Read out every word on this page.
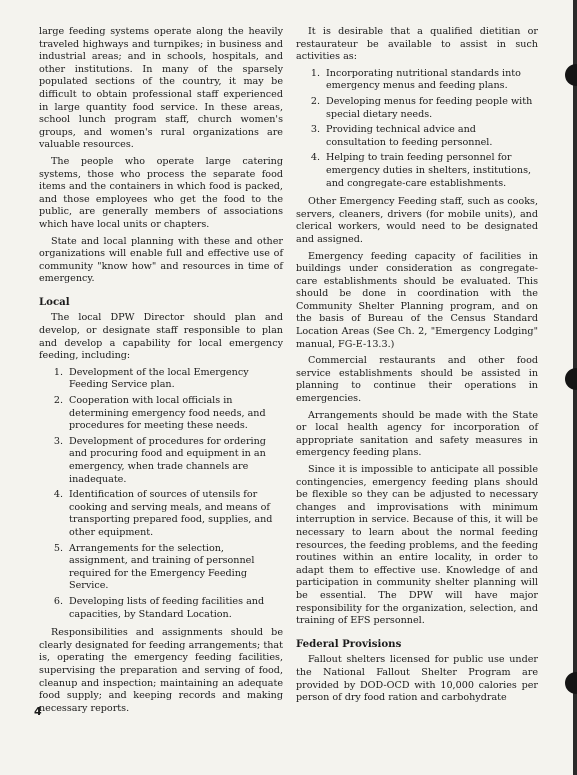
large feeding systems operate along the heavily traveled highways and turnpikes; in business and industrial areas; and in schools, hospitals, and other institutions. In many of the sparsely populated sections of the country, it may be difficult to obtain professional staff experienced in large quantity food service. In these areas, school lunch program staff, church women's groups, and women's rural organizations are valuable resources.

The people who operate large catering systems, those who process the separate food items and the containers in which food is packed, and those employees who get the food to the public, are generally members of associations which have local units or chapters.

State and local planning with these and other organizations will enable full and effective use of community "know how" and resources in time of emergency.

Local

The local DPW Director should plan and develop, or designate staff responsible to plan and develop a capability for local emergency feeding, including:

1. Development of the local Emergency Feeding Service plan.
2. Cooperation with local officials in determining emergency food needs, and procedures for meeting these needs.
3. Development of procedures for ordering and procuring food and equipment in an emergency, when trade channels are inadequate.
4. Identification of sources of utensils for cooking and serving meals, and means of transporting prepared food, supplies, and other equipment.
5. Arrangements for the selection, assignment, and training of personnel required for the Emergency Feeding Service.
6. Developing lists of feeding facilities and capacities, by Standard Location.

Responsibilities and assignments should be clearly designated for feeding arrangements; that is, operating the emergency feeding facilities, supervising the preparation and serving of food, cleanup and inspection; maintaining an adequate food supply; and keeping records and making necessary reports.

It is desirable that a qualified dietitian or restaurateur be available to assist in such activities as:

1. Incorporating nutritional standards into emergency menus and feeding plans.
2. Developing menus for feeding people with special dietary needs.
3. Providing technical advice and consultation to feeding personnel.
4. Helping to train feeding personnel for emergency duties in shelters, institutions, and congregate-care establishments.

Other Emergency Feeding staff, such as cooks, servers, cleaners, drivers (for mobile units), and clerical workers, would need to be designated and assigned.

Emergency feeding capacity of facilities in buildings under consideration as congregate-care establishments should be evaluated. This should be done in coordination with the Community Shelter Planning program, and on the basis of Bureau of the Census Standard Location Areas (See Ch. 2, "Emergency Lodging" manual, FG-E-13.3.)

Commercial restaurants and other food service establishments should be assisted in planning to continue their operations in emergencies.

Arrangements should be made with the State or local health agency for incorporation of appropriate sanitation and safety measures in emergency feeding plans.

Since it is impossible to anticipate all possible contingencies, emergency feeding plans should be flexible so they can be adjusted to necessary changes and improvisations with minimum interruption in service. Because of this, it will be necessary to learn about the normal feeding resources, the feeding problems, and the feeding routines within an entire locality, in order to adapt them to effective use. Knowledge of and participation in community shelter planning will be essential. The DPW will have major responsibility for the organization, selection, and training of EFS personnel.

Federal Provisions

Fallout shelters licensed for public use under the National Fallout Shelter Program are provided by DOD-OCD with 10,000 calories per person of dry food ration and carbohydrate

4
